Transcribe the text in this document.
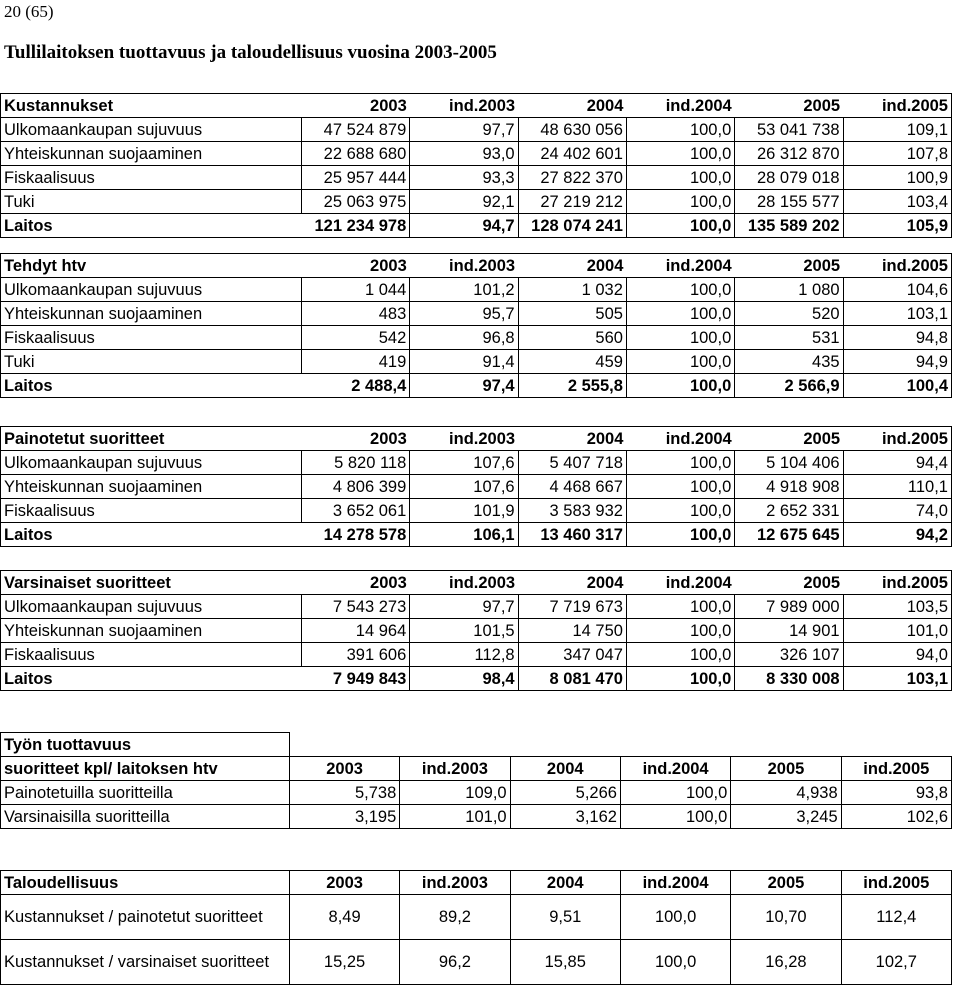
20 (65)
Tullilaitoksen tuottavuus ja taloudellisuus vuosina 2003-2005
Kustannukset	2003	ind.2003	2004	ind.2004	2005	ind.2005
Ulkomaankaupan sujuvuus	47 524 879	97,7	48 630 056	100,0	53 041 738	109,1
Yhteiskunnan suojaaminen	22 688 680	93,0	24 402 601	100,0	26 312 870	107,8
Fiskaalisuus	25 957 444	93,3	27 822 370	100,0	28 079 018	100,9
Tuki	25 063 975	92,1	27 219 212	100,0	28 155 577	103,4
Laitos	121 234 978	94,7	128 074 241	100,0	135 589 202	105,9
Tehdyt htv	2003	ind.2003	2004	ind.2004	2005	ind.2005
Ulkomaankaupan sujuvuus	1 044	101,2	1 032	100,0	1 080	104,6
Yhteiskunnan suojaaminen	483	95,7	505	100,0	520	103,1
Fiskaalisuus	542	96,8	560	100,0	531	94,8
Tuki	419	91,4	459	100,0	435	94,9
Laitos	2 488,4	97,4	2 555,8	100,0	2 566,9	100,4
Painotetut suoritteet	2003	ind.2003	2004	ind.2004	2005	ind.2005
Ulkomaankaupan sujuvuus	5 820 118	107,6	5 407 718	100,0	5 104 406	94,4
Yhteiskunnan suojaaminen	4 806 399	107,6	4 468 667	100,0	4 918 908	110,1
Fiskaalisuus	3 652 061	101,9	3 583 932	100,0	2 652 331	74,0
Laitos	14 278 578	106,1	13 460 317	100,0	12 675 645	94,2
Varsinaiset suoritteet	2003	ind.2003	2004	ind.2004	2005	ind.2005
Ulkomaankaupan sujuvuus	7 543 273	97,7	7 719 673	100,0	7 989 000	103,5
Yhteiskunnan suojaaminen	14 964	101,5	14 750	100,0	14 901	101,0
Fiskaalisuus	391 606	112,8	347 047	100,0	326 107	94,0
Laitos	7 949 843	98,4	8 081 470	100,0	8 330 008	103,1
Työn tuottavuus						
suoritteet kpl/ laitoksen htv	2003	ind.2003	2004	ind.2004	2005	ind.2005
Painotetuilla suoritteilla	5,738	109,0	5,266	100,0	4,938	93,8
Varsinaisilla suoritteilla	3,195	101,0	3,162	100,0	3,245	102,6
Taloudellisuus	2003	ind.2003	2004	ind.2004	2005	ind.2005
Kustannukset / painotetut suoritteet	8,49	89,2	9,51	100,0	10,70	112,4
Kustannukset / varsinaiset suoritteet	15,25	96,2	15,85	100,0	16,28	102,7
